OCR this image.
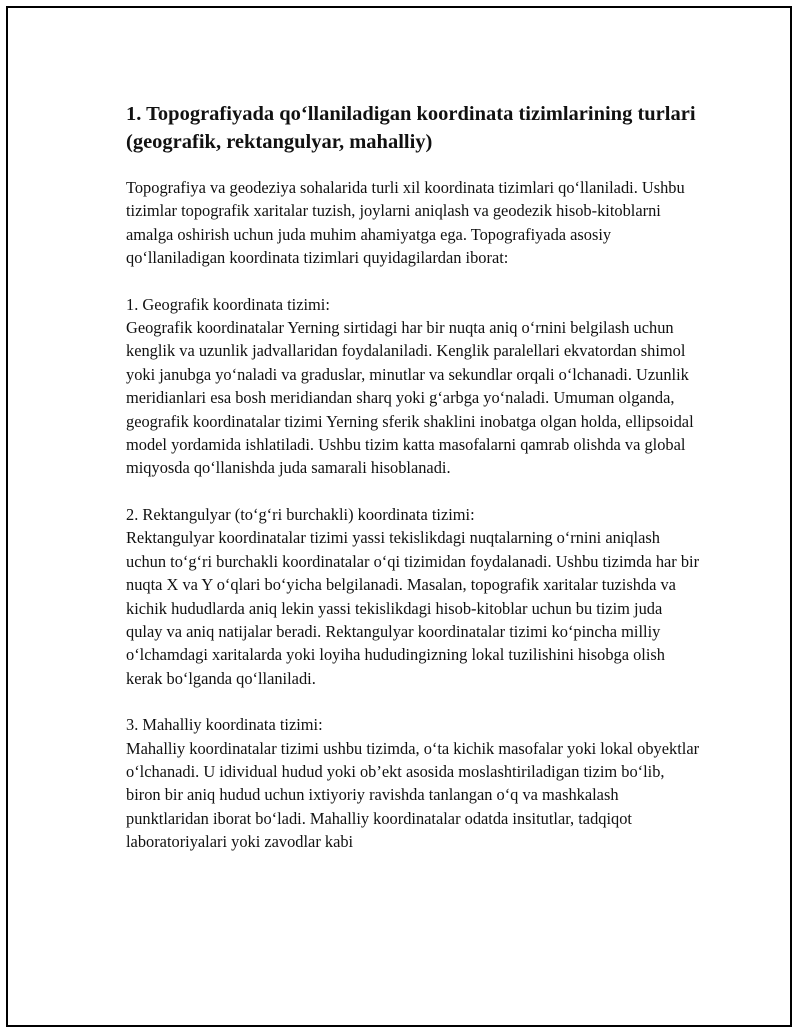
1. Topografiyada qo‘llaniladigan koordinata tizimlarining turlari (geografik, rektangulyar, mahalliy)

Topografiya va geodeziya sohalarida turli xil koordinata tizimlari qo‘llaniladi. Ushbu tizimlar topografik xaritalar tuzish, joylarni aniqlash va geodezik hisob-kitoblarni amalga oshirish uchun juda muhim ahamiyatga ega. Topografiyada asosiy qo‘llaniladigan koordinata tizimlari quyidagilardan iborat:

1. Geografik koordinata tizimi:
Geografik koordinatalar Yerning sirtidagi har bir nuqta aniq o‘rnini belgilash uchun kenglik va uzunlik jadvallaridan foydalaniladi. Kenglik paralellari ekvatordan shimol yoki janubga yo‘naladi va graduslar, minutlar va sekundlar orqali o‘lchanadi. Uzunlik meridianlari esa bosh meridiandan sharq yoki g‘arbga yo‘naladi. Umuman olganda, geografik koordinatalar tizimi Yerning sferik shaklini inobatga olgan holda, ellipsoidal model yordamida ishlatiladi. Ushbu tizim katta masofalarni qamrab olishda va global miqyosda qo‘llanishda juda samarali hisoblanadi.
2. Rektangulyar (to‘g‘ri burchakli) koordinata tizimi:
Rektangulyar koordinatalar tizimi yassi tekislikdagi nuqtalarning o‘rnini aniqlash uchun to‘g‘ri burchakli koordinatalar o‘qi tizimidan foydalanadi. Ushbu tizimda har bir nuqta X va Y o‘qlari bo‘yicha belgilanadi. Masalan, topografik xaritalar tuzishda va kichik hududlarda aniq lekin yassi tekislikdagi hisob-kitoblar uchun bu tizim juda qulay va aniq natijalar beradi. Rektangulyar koordinatalar tizimi ko‘pincha milliy o‘lchamdagi xaritalarda yoki loyiha hududingizning lokal tuzilishini hisobga olish kerak bo‘lganda qo‘llaniladi.
3. Mahalliy koordinata tizimi:
Mahalliy koordinatalar tizimi ushbu tizimda, o‘ta kichik masofalar yoki lokal obyektlar o‘lchanadi. U idividual hudud yoki ob’ekt asosida moslashtiriladigan tizim bo‘lib, biron bir aniq hudud uchun ixtiyoriy ravishda tanlangan o‘q va mashkalash punktlaridan iborat bo‘ladi. Mahalliy koordinatalar odatda insitutlar, tadqiqot laboratoriyalari yoki zavodlar kabi
